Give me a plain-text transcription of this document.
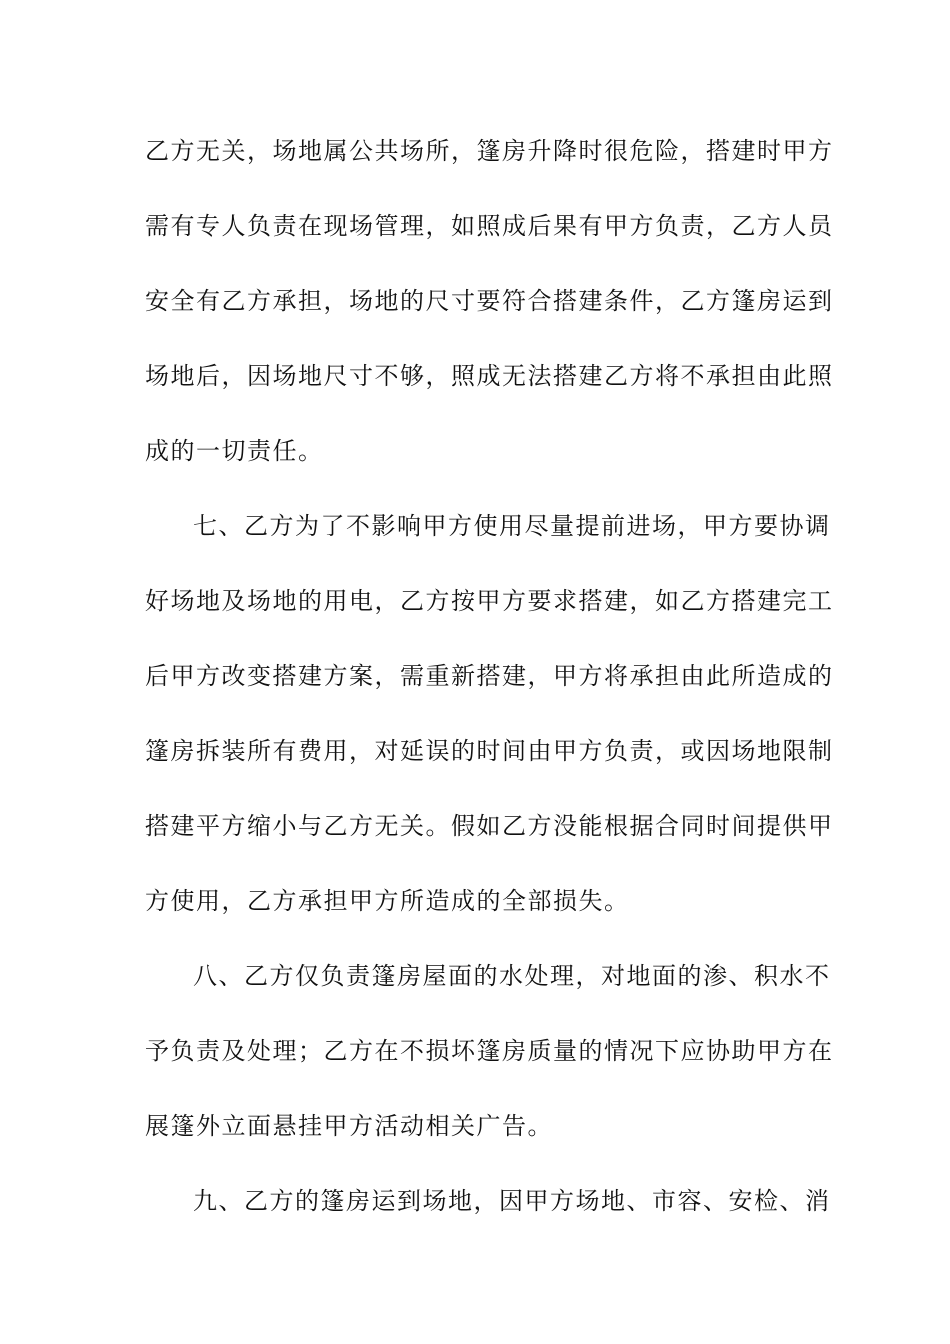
乙方无关，场地属公共场所，篷房升降时很危险，搭建时甲方
需有专人负责在现场管理，如照成后果有甲方负责，乙方人员
安全有乙方承担，场地的尺寸要符合搭建条件，乙方篷房运到
场地后，因场地尺寸不够，照成无法搭建乙方将不承担由此照
成的一切责任。
七、乙方为了不影响甲方使用尽量提前进场，甲方要协调
好场地及场地的用电，乙方按甲方要求搭建，如乙方搭建完工
后甲方改变搭建方案，需重新搭建，甲方将承担由此所造成的
篷房拆装所有费用，对延误的时间由甲方负责，或因场地限制
搭建平方缩小与乙方无关。假如乙方没能根据合同时间提供甲
方使用，乙方承担甲方所造成的全部损失。
八、乙方仅负责篷房屋面的水处理，对地面的渗、积水不
予负责及处理；乙方在不损坏篷房质量的情况下应协助甲方在
展篷外立面悬挂甲方活动相关广告。
九、乙方的篷房运到场地，因甲方场地、市容、安检、消
